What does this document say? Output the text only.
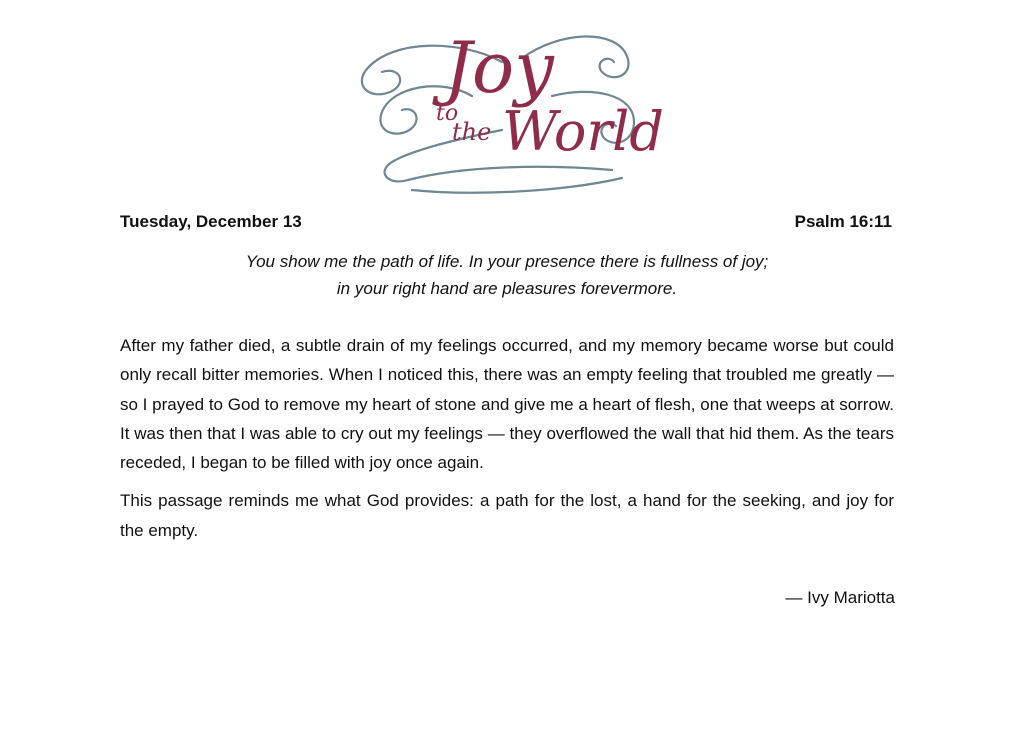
Joy
to
the World
Tuesday, December 13	Psalm 16:11
You show me the path of life. In your presence there is fullness of joy;
in your right hand are pleasures forevermore.

After my father died, a subtle drain of my feelings occurred, and my memory became worse but could only recall bitter memories. When I noticed this, there was an empty feeling that troubled me greatly — so I prayed to God to remove my heart of stone and give me a heart of flesh, one that weeps at sorrow. It was then that I was able to cry out my feelings — they overflowed the wall that hid them. As the tears receded, I began to be filled with joy once again.

This passage reminds me what God provides: a path for the lost, a hand for the seeking, and joy for the empty.

— Ivy Mariotta
